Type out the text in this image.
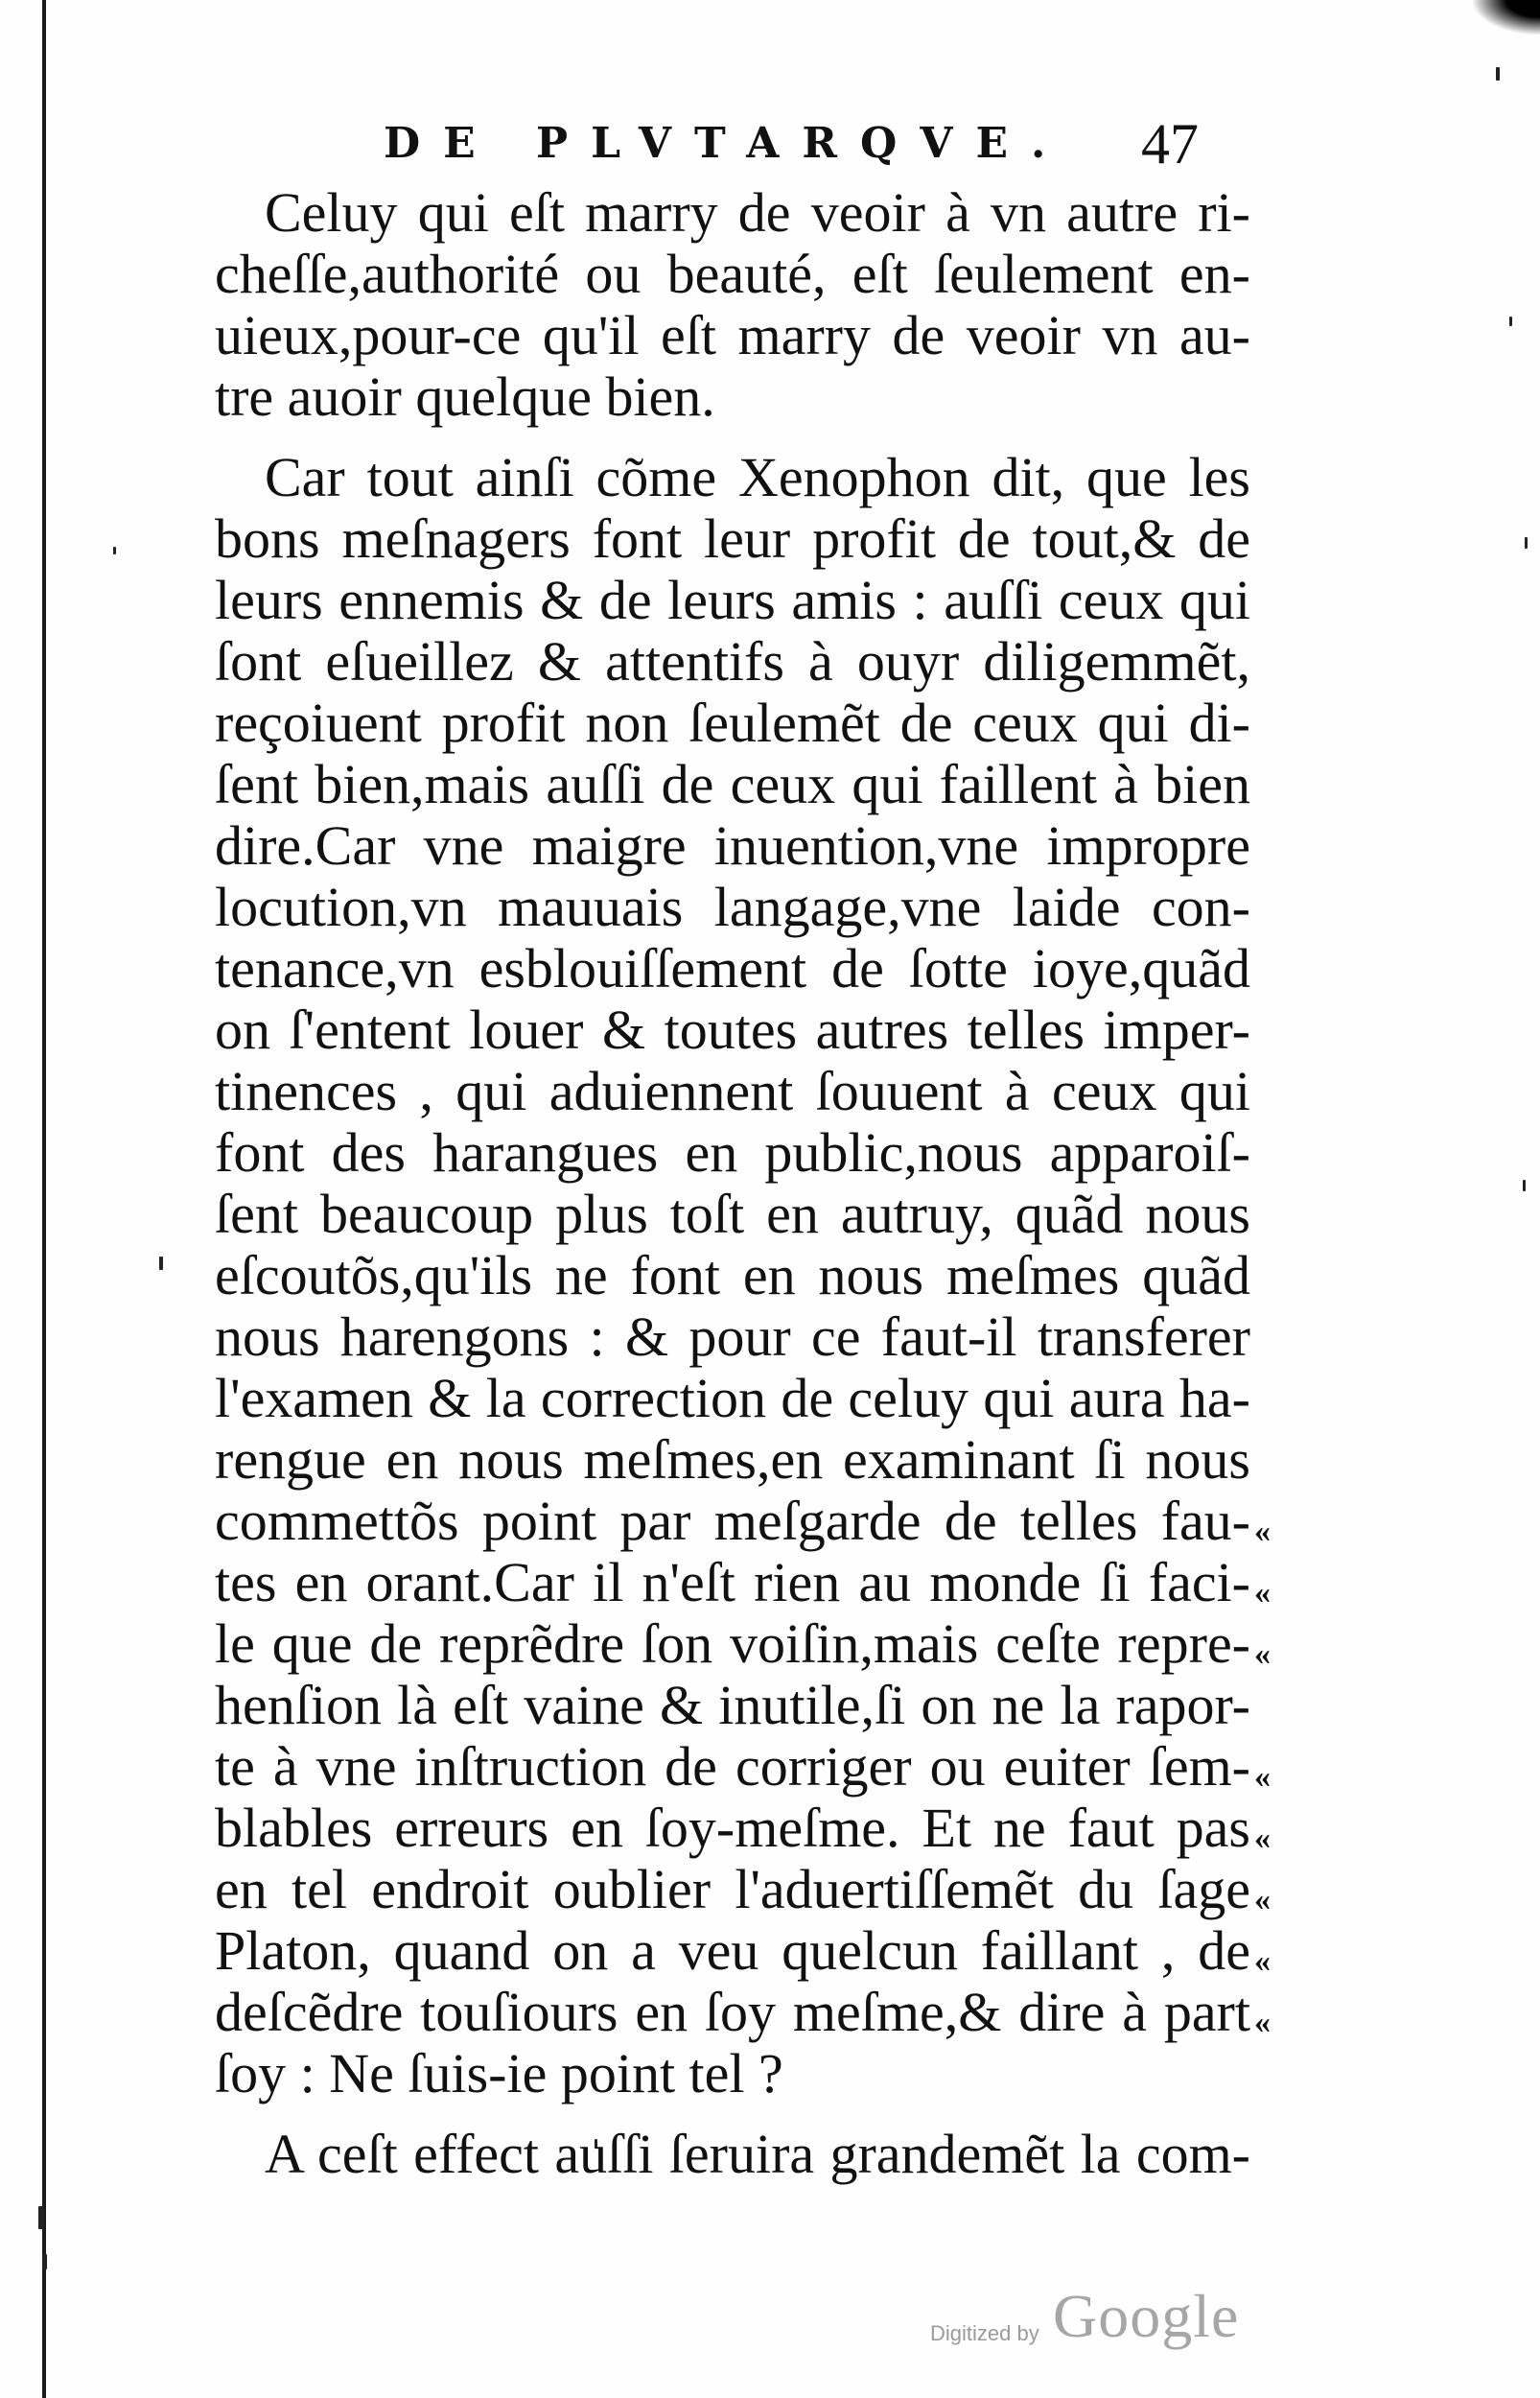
DE PLVTARQVE. 47
Celuy qui eſt marry de veoir à vn autre ri-
cheſſe,authorité ou beauté, eſt ſeulement en-
uieux,pour-ce qu'il eſt marry de veoir vn au-
tre auoir quelque bien.
Car tout ainſi cõme Xenophon dit, que les
bons meſnagers font leur profit de tout,& de
leurs ennemis & de leurs amis : auſſi ceux qui
ſont eſueillez & attentifs à ouyr diligemmẽt,
reçoiuent profit non ſeulemẽt de ceux qui di-
ſent bien,mais auſſi de ceux qui faillent à bien
dire.Car vne maigre inuention,vne impropre
locution,vn mauuais langage,vne laide con-
tenance,vn esblouiſſement de ſotte ioye,quãd
on ſ'entent louer & toutes autres telles imper-
tinences , qui aduiennent ſouuent à ceux qui
font des harangues en public,nous apparoiſ-
ſent beaucoup plus toſt en autruy, quãd nous
eſcoutõs,qu'ils ne font en nous meſmes quãd
nous harengons : & pour ce faut-il transferer
l'examen & la correction de celuy qui aura ha-
rengue en nous meſmes,en examinant ſi nous
commettõs point par meſgarde de telles fau-
tes en orant.Car il n'eſt rien au monde ſi faci-
le que de reprẽdre ſon voiſin,mais ceſte repre-
henſion là eſt vaine & inutile,ſi on ne la rapor-
te à vne inſtruction de corriger ou euiter ſem-
blables erreurs en ſoy-meſme. Et ne faut pas
en tel endroit oublier l'aduertiſſemẽt du ſage
Platon, quand on a veu quelcun faillant , de
deſcẽdre touſiours en ſoy meſme,& dire à part
ſoy : Ne ſuis-ie point tel ?
A ceſt effect auſſi ſeruira grandemẽt la com-
«
«
«
«
«
«
«
«
Digitized by Google
